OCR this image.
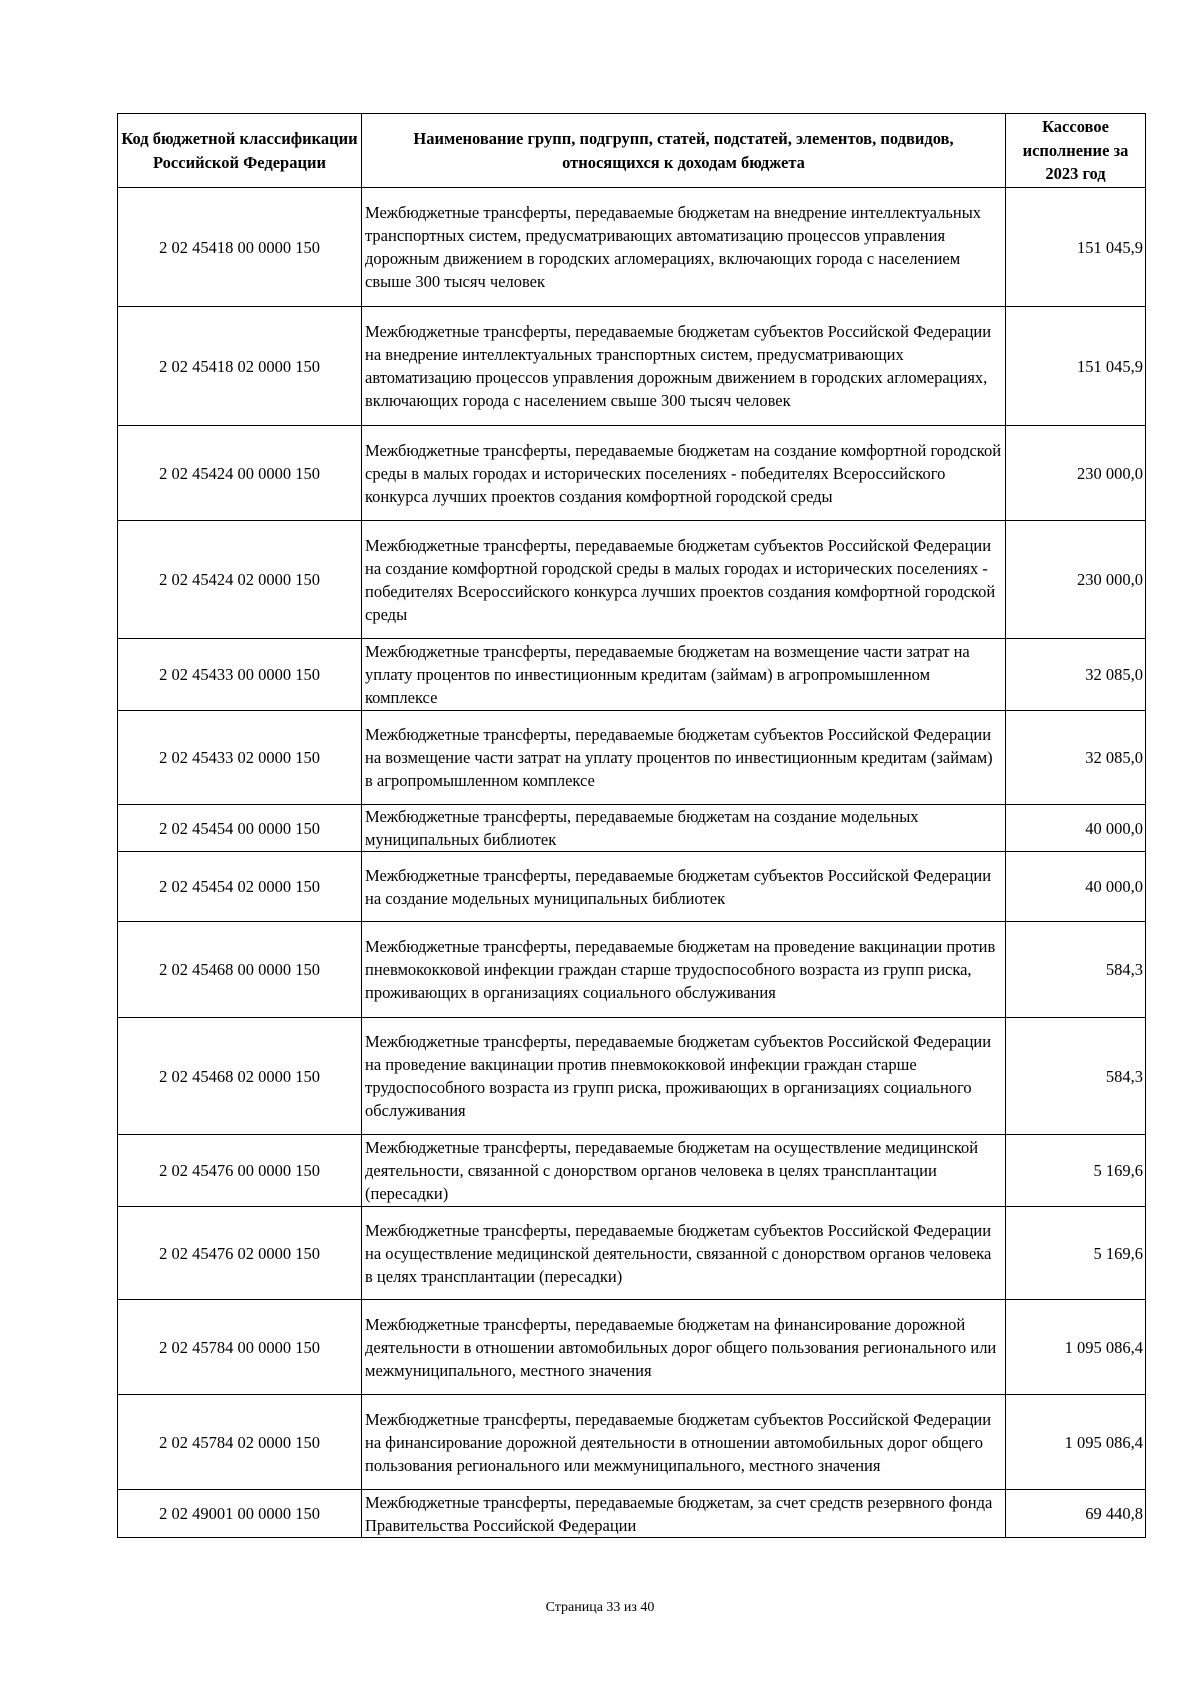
Код бюджетной классификации Российской Федерации	Наименование групп, подгрупп, статей, подстатей, элементов, подвидов, относящихся к доходам бюджета	Кассовое исполнение за 2023 год
2 02 45418 00 0000 150	Межбюджетные трансферты, передаваемые бюджетам на внедрение интеллектуальных транспортных систем, предусматривающих автоматизацию процессов управления дорожным движением в городских агломерациях, включающих города с населением свыше 300 тысяч человек	151 045,9
2 02 45418 02 0000 150	Межбюджетные трансферты, передаваемые бюджетам субъектов Российской Федерации на внедрение интеллектуальных транспортных систем, предусматривающих автоматизацию процессов управления дорожным движением в городских агломерациях, включающих города с населением свыше 300 тысяч человек	151 045,9
2 02 45424 00 0000 150	Межбюджетные трансферты, передаваемые бюджетам на создание комфортной городской среды в малых городах и исторических поселениях - победителях Всероссийского конкурса лучших проектов создания комфортной городской среды	230 000,0
2 02 45424 02 0000 150	Межбюджетные трансферты, передаваемые бюджетам субъектов Российской Федерации на создание комфортной городской среды в малых городах и исторических поселениях - победителях Всероссийского конкурса лучших проектов создания комфортной городской среды	230 000,0
2 02 45433 00 0000 150	Межбюджетные трансферты, передаваемые бюджетам на возмещение части затрат на уплату процентов по инвестиционным кредитам (займам) в агропромышленном комплексе	32 085,0
2 02 45433 02 0000 150	Межбюджетные трансферты, передаваемые бюджетам субъектов Российской Федерации на возмещение части затрат на уплату процентов по инвестиционным кредитам (займам) в агропромышленном комплексе	32 085,0
2 02 45454 00 0000 150	Межбюджетные трансферты, передаваемые бюджетам на создание модельных муниципальных библиотек	40 000,0
2 02 45454 02 0000 150	Межбюджетные трансферты, передаваемые бюджетам субъектов Российской Федерации на создание модельных муниципальных библиотек	40 000,0
2 02 45468 00 0000 150	Межбюджетные трансферты, передаваемые бюджетам на проведение вакцинации против пневмококковой инфекции граждан старше трудоспособного возраста из групп риска, проживающих в организациях социального обслуживания	584,3
2 02 45468 02 0000 150	Межбюджетные трансферты, передаваемые бюджетам субъектов Российской Федерации на проведение вакцинации против пневмококковой инфекции граждан старше трудоспособного возраста из групп риска, проживающих в организациях социального обслуживания	584,3
2 02 45476 00 0000 150	Межбюджетные трансферты, передаваемые бюджетам на осуществление медицинской деятельности, связанной с донорством органов человека в целях трансплантации (пересадки)	5 169,6
2 02 45476 02 0000 150	Межбюджетные трансферты, передаваемые бюджетам субъектов Российской Федерации на осуществление медицинской деятельности, связанной с донорством органов человека в целях трансплантации (пересадки)	5 169,6
2 02 45784 00 0000 150	Межбюджетные трансферты, передаваемые бюджетам на финансирование дорожной деятельности в отношении автомобильных дорог общего пользования регионального или межмуниципального, местного значения	1 095 086,4
2 02 45784 02 0000 150	Межбюджетные трансферты, передаваемые бюджетам субъектов Российской Федерации на финансирование дорожной деятельности в отношении автомобильных дорог общего пользования регионального или межмуниципального, местного значения	1 095 086,4
2 02 49001 00 0000 150	Межбюджетные трансферты, передаваемые бюджетам, за счет средств резервного фонда Правительства Российской Федерации	69 440,8
Страница 33 из 40
